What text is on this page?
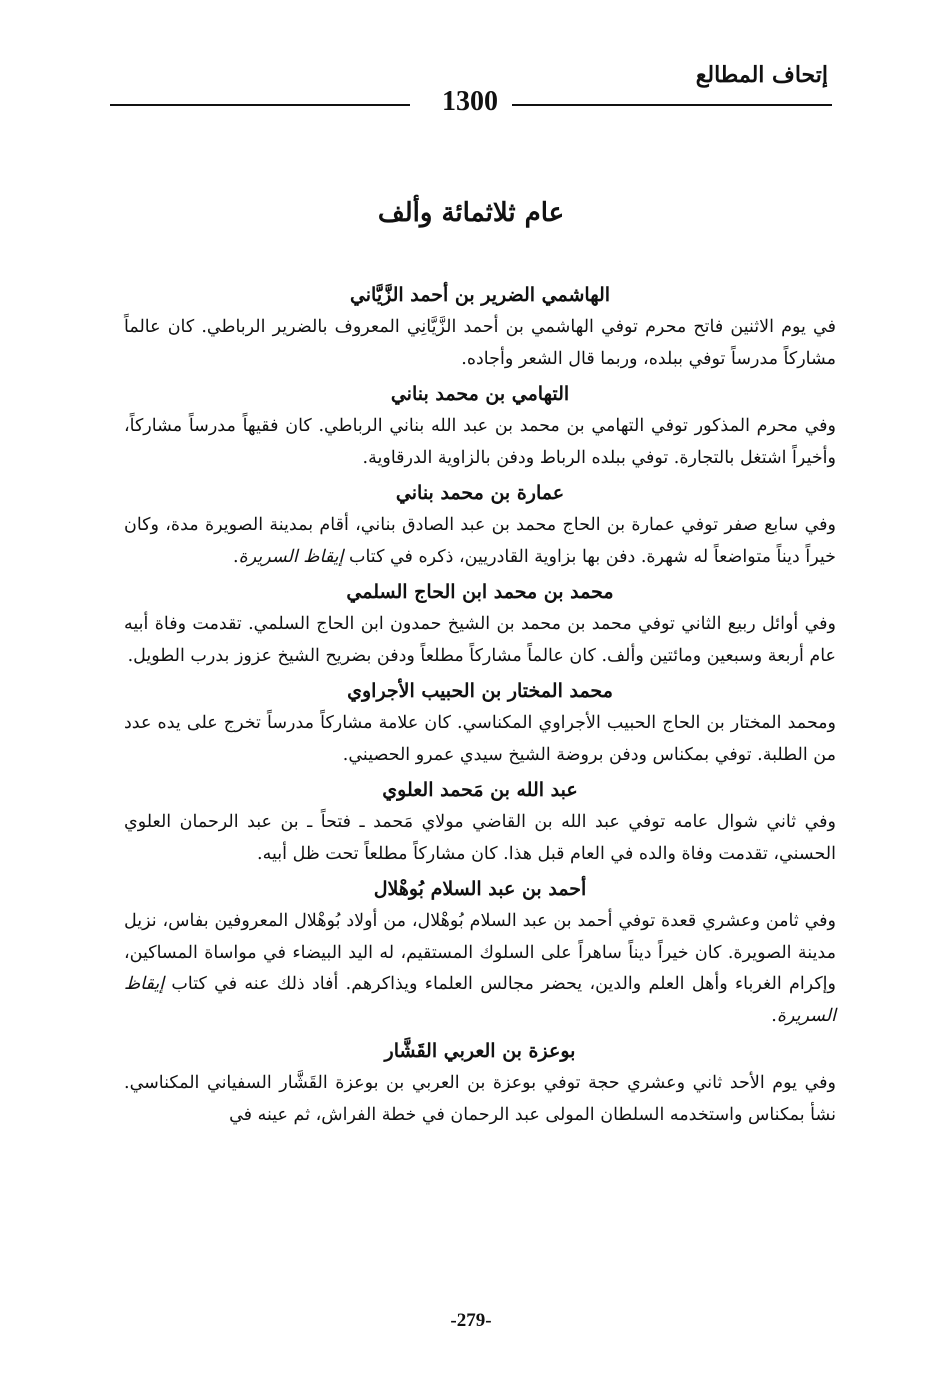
إتحاف المطالع
1300
عام ثلاثمائة وألف

الهاشمي الضرير بن أحمد الزَّيَّاني

في يوم الاثنين فاتح محرم توفي الهاشمي بن أحمد الزَّيَّانِي المعروف بالضرير الرباطي. كان عالماً مشاركاً مدرساً توفي ببلده، وربما قال الشعر وأجاده.

التهامي بن محمد بناني

وفي محرم المذكور توفي التهامي بن محمد بن عبد الله بناني الرباطي. كان فقيهاً مدرساً مشاركاً، وأخيراً اشتغل بالتجارة. توفي ببلده الرباط ودفن بالزاوية الدرقاوية.

عمارة بن محمد بناني

وفي سابع صفر توفي عمارة بن الحاج محمد بن عبد الصادق بناني، أقام بمدينة الصويرة مدة، وكان خيراً ديناً متواضعاً له شهرة. دفن بها بزاوية القادريين، ذكره في كتاب إيقاظ السريرة.

محمد بن محمد ابن الحاج السلمي

وفي أوائل ربيع الثاني توفي محمد بن محمد بن الشيخ حمدون ابن الحاج السلمي. تقدمت وفاة أبيه عام أربعة وسبعين ومائتين وألف. كان عالماً مشاركاً مطلعاً ودفن بضريح الشيخ عزوز بدرب الطويل.

محمد المختار بن الحبيب الأجراوي

ومحمد المختار بن الحاج الحبيب الأجراوي المكناسي. كان علامة مشاركاً مدرساً تخرج على يده عدد من الطلبة. توفي بمكناس ودفن بروضة الشيخ سيدي عمرو الحصيني.

عبد الله بن مَحمد العلوي

وفي ثاني شوال عامه توفي عبد الله بن القاضي مولاي مَحمد ـ فتحاً ـ بن عبد الرحمان العلوي الحسني، تقدمت وفاة والده في العام قبل هذا. كان مشاركاً مطلعاً تحت ظل أبيه.

أحمد بن عبد السلام بُوهْلال

وفي ثامن وعشري قعدة توفي أحمد بن عبد السلام بُوهْلال، من أولاد بُوهْلال المعروفين بفاس، نزيل مدينة الصويرة. كان خيراً ديناً ساهراً على السلوك المستقيم، له اليد البيضاء في مواساة المساكين، وإكرام الغرباء وأهل العلم والدين، يحضر مجالس العلماء ويذاكرهم. أفاد ذلك عنه في كتاب إيقاظ السريرة.

بوعزة بن العربي القَشَّار

وفي يوم الأحد ثاني وعشري حجة توفي بوعزة بن العربي بن بوعزة القَشَّار السفياني المكناسي. نشأ بمكناس واستخدمه السلطان المولى عبد الرحمان في خطة الفراش، ثم عينه في

-279-
